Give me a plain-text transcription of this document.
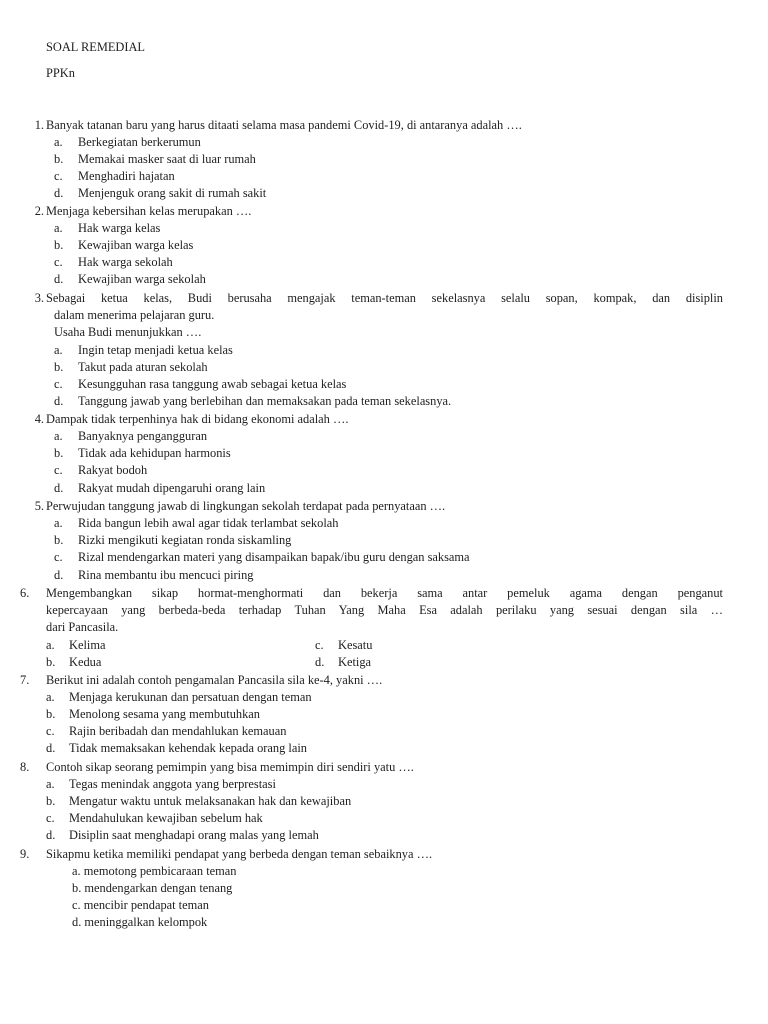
SOAL REMEDIAL
PPKn
1. Banyak tatanan baru yang harus ditaati selama masa pandemi Covid-19, di antaranya adalah ….
a. Berkegiatan berkerumun
b. Memakai masker saat di luar rumah
c. Menghadiri hajatan
d. Menjenguk orang sakit di rumah sakit
2. Menjaga kebersihan kelas merupakan ….
a. Hak warga kelas
b. Kewajiban warga kelas
c. Hak warga sekolah
d. Kewajiban warga sekolah
3. Sebagai ketua kelas, Budi berusaha mengajak teman-teman sekelasnya selalu sopan, kompak, dan disiplin
dalam menerima pelajaran guru.
Usaha Budi menunjukkan ….
a. Ingin tetap menjadi ketua kelas
b. Takut pada aturan sekolah
c. Kesungguhan rasa tanggung awab sebagai ketua kelas
d. Tanggung jawab yang berlebihan dan memaksakan pada teman sekelasnya.
4. Dampak tidak terpenhinya hak di bidang ekonomi adalah ….
a. Banyaknya pengangguran
b. Tidak ada kehidupan harmonis
c. Rakyat bodoh
d. Rakyat mudah dipengaruhi orang lain
5. Perwujudan tanggung jawab di lingkungan sekolah terdapat pada pernyataan ….
a. Rida bangun lebih awal agar tidak terlambat sekolah
b. Rizki mengikuti kegiatan ronda siskamling
c. Rizal mendengarkan materi yang disampaikan bapak/ibu guru dengan saksama
d. Rina membantu ibu mencuci piring
6. Mengembangkan sikap hormat-menghormati dan bekerja sama antar pemeluk agama dengan penganut
kepercayaan yang berbeda-beda terhadap Tuhan Yang Maha Esa adalah perilaku yang sesuai dengan sila …
dari Pancasila.
a. Kelima	c. Kesatu
b. Kedua	d. Ketiga
7. Berikut ini adalah contoh pengamalan Pancasila sila ke-4, yakni ….
a. Menjaga kerukunan dan persatuan dengan teman
b. Menolong sesama yang membutuhkan
c. Rajin beribadah dan mendahlukan kemauan
d. Tidak memaksakan kehendak kepada orang lain
8. Contoh sikap seorang pemimpin yang bisa memimpin diri sendiri yatu ….
a. Tegas menindak anggota yang berprestasi
b. Mengatur waktu untuk melaksanakan hak dan kewajiban
c. Mendahulukan kewajiban sebelum hak
d. Disiplin saat menghadapi orang malas yang lemah
9. Sikapmu ketika memiliki pendapat yang berbeda dengan teman sebaiknya ….
a. memotong pembicaraan teman
b. mendengarkan dengan tenang
c. mencibir pendapat teman
d. meninggalkan kelompok
